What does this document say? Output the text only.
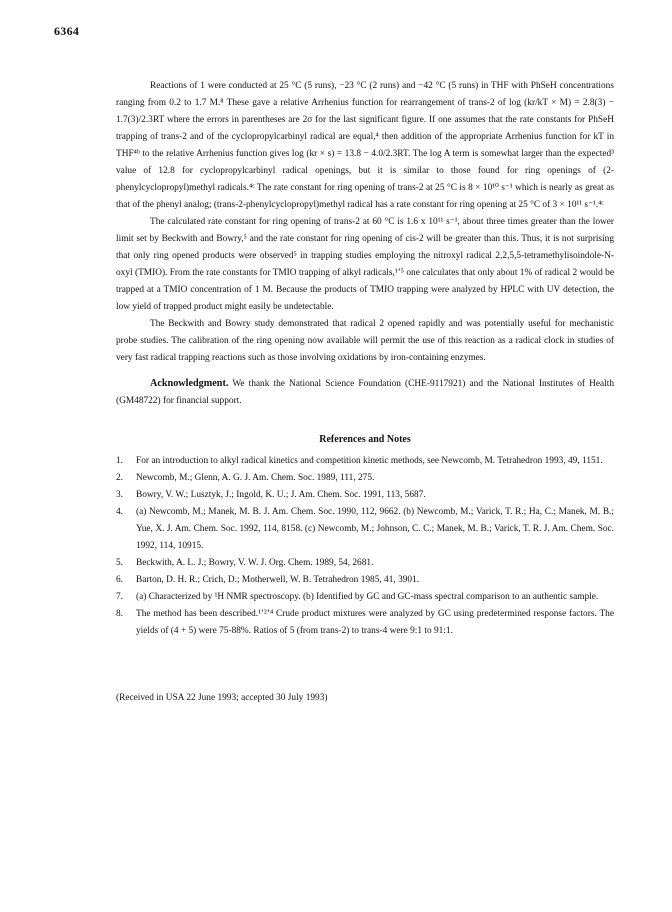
6364

Reactions of 1 were conducted at 25 °C (5 runs), −23 °C (2 runs) and −42 °C (5 runs) in THF with PhSeH concentrations ranging from 0.2 to 1.7 M.⁸ These gave a relative Arrhenius function for rearrangement of trans-2 of log (kr/kT × M) = 2.8(3) − 1.7(3)/2.3RT where the errors in parentheses are 2σ for the last significant figure. If one assumes that the rate constants for PhSeH trapping of trans-2 and of the cyclopropylcarbinyl radical are equal,⁴ then addition of the appropriate Arrhenius function for kT in THF⁴ᵇ to the relative Arrhenius function gives log (kr × s) = 13.8 − 4.0/2.3RT. The log A term is somewhat larger than the expected³ value of 12.8 for cyclopropylcarbinyl radical openings, but it is similar to those found for ring openings of (2-phenylcyclopropyl)methyl radicals.⁴ᶜ The rate constant for ring opening of trans-2 at 25 °C is 8 × 10¹⁰ s⁻¹ which is nearly as great as that of the phenyl analog; (trans-2-phenylcyclopropyl)methyl radical has a rate constant for ring opening at 25 °C of 3 × 10¹¹ s⁻¹.⁴ᶜ

The calculated rate constant for ring opening of trans-2 at 60 °C is 1.6 x 10¹¹ s⁻¹, about three times greater than the lower limit set by Beckwith and Bowry,⁵ and the rate constant for ring opening of cis-2 will be greater than this. Thus, it is not surprising that only ring opened products were observed⁵ in trapping studies employing the nitroxyl radical 2,2,5,5-tetramethylisoindole-N-oxyl (TMIO). From the rate constants for TMIO trapping of alkyl radicals,¹ʼ⁵ one calculates that only about 1% of radical 2 would be trapped at a TMIO concentration of 1 M. Because the products of TMIO trapping were analyzed by HPLC with UV detection, the low yield of trapped product might easily be undetectable.

The Beckwith and Bowry study demonstrated that radical 2 opened rapidly and was potentially useful for mechanistic probe studies. The calibration of the ring opening now available will permit the use of this reaction as a radical clock in studies of very fast radical trapping reactions such as those involving oxidations by iron-containing enzymes.

Acknowledgment. We thank the National Science Foundation (CHE-9117921) and the National Institutes of Health (GM48722) for financial support.

References and Notes
1. For an introduction to alkyl radical kinetics and competition kinetic methods, see Newcomb, M. Tetrahedron 1993, 49, 1151.
2. Newcomb, M.; Glenn, A. G. J. Am. Chem. Soc. 1989, 111, 275.
3. Bowry, V. W.; Lusztyk, J.; Ingold, K. U.; J. Am. Chem. Soc. 1991, 113, 5687.
4. (a) Newcomb, M.; Manek, M. B. J. Am. Chem. Soc. 1990, 112, 9662. (b) Newcomb, M.; Varick, T. R.; Ha, C.; Manek, M. B.; Yue, X. J. Am. Chem. Soc. 1992, 114, 8158. (c) Newcomb, M.; Johnson, C. C.; Manek, M. B.; Varick, T. R. J. Am. Chem. Soc. 1992, 114, 10915.
5. Beckwith, A. L. J.; Bowry, V. W. J. Org. Chem. 1989, 54, 2681.
6. Barton, D. H. R.; Crich, D.; Motherwell, W. B. Tetrahedron 1985, 41, 3901.
7. (a) Characterized by ¹H NMR spectroscopy. (b) Identified by GC and GC-mass spectral comparison to an authentic sample.
8. The method has been described.¹ʼ²ʼ⁴ Crude product mixtures were analyzed by GC using predetermined response factors. The yields of (4 + 5) were 75-88%. Ratios of 5 (from trans-2) to trans-4 were 9:1 to 91:1.

(Received in USA 22 June 1993; accepted 30 July 1993)
